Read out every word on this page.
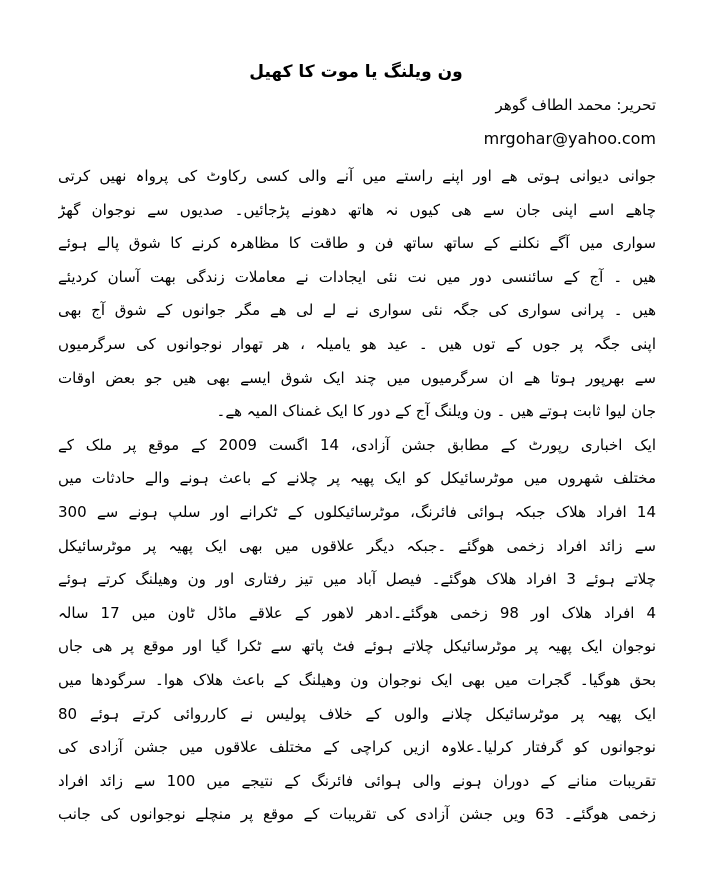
ون ویلنگ یا موت کا کھیل
تحریر: محمد الطاف گوھر
mrgohar@yahoo.com
جوانی دیوانی ہوتی ھے اور اپنے راستے میں آنے والی کسی رکاوٹ کی پرواہ نھیں کرتی
چاھے اسے اپنی جان سے ھی کیوں نہ ھاتھ دھونے پڑجائیں۔ صدیوں سے نوجوان گھڑ
سواری میں آگے نکلنے کے ساتھ ساتھ فن و طاقت کا مظاھرہ کرنے کا شوق پالے ہوئے
ھیں ۔ آج کے سائنسی دور میں نت نئی ایجادات نے معاملات زندگی بھت آسان کردیئے
ھیں ۔ پرانی سواری کی جگہ نئی سواری نے لے لی ھے مگر جوانوں کے شوق آج بھی
اپنی جگہ پر جوں کے توں ھیں ۔ عید ھو یامیلہ ، ھر تھوار نوجوانوں کی سرگرمیوں
سے بھرپور ہوتا ھے ان سرگرمیوں میں چند ایک شوق ایسے بھی ھیں جو بعض اوقات
جان لیوا ثابت ہوتے ھیں ۔ ون ویلنگ آج کے دور کا ایک غمناک المیہ ھے۔
ایک اخباری رپورٹ کے مطابق جشن آزادی، 14 اگست 2009 کے موقع پر ملک کے
مختلف شھروں میں موٹرسائیکل کو ایک پھیہ پر چلانے کے باعث ہونے والے حادثات میں
14 افراد ھلاک جبکہ ہوائی فائرنگ، موٹرسائیکلوں کے ٹکرانے اور سلپ ہونے سے 300
سے زائد افراد زخمی ھوگئے ۔جبکہ دیگر علاقوں میں بھی ایک پھیہ پر موٹرسائیکل
چلاتے ہوئے 3 افراد ھلاک ھوگئے۔ فیصل آباد میں تیز رفتاری اور ون وھیلنگ کرتے ہوئے
4 افراد ھلاک اور 98 زخمی ھوگئے۔ادھر لاھور کے علاقے ماڈل ٹاون میں 17 سالہ
نوجوان ایک پھیہ پر موٹرسائیکل چلاتے ہوئے فٹ پاتھ سے ٹکرا گیا اور موقع پر ھی جاں
بحق ھوگیا۔ گجرات میں بھی ایک نوجوان ون وھیلنگ کے باعث ھلاک ھوا۔ سرگودھا میں
ایک پھیہ پر موٹرسائیکل چلانے والوں کے خلاف پولیس نے کارروائی کرتے ہوئے 80
نوجوانوں کو گرفتار کرلیا۔علاوہ ازیں کراچی کے مختلف علاقوں میں جشن آزادی کی
تقریبات منانے کے دوران ہونے والی ہوائی فائرنگ کے نتیجے میں 100 سے زائد افراد
زخمی ھوگئے۔ 63 ویں جشن آزادی کی تقریبات کے موقع پر منچلے نوجوانوں کی جانب
